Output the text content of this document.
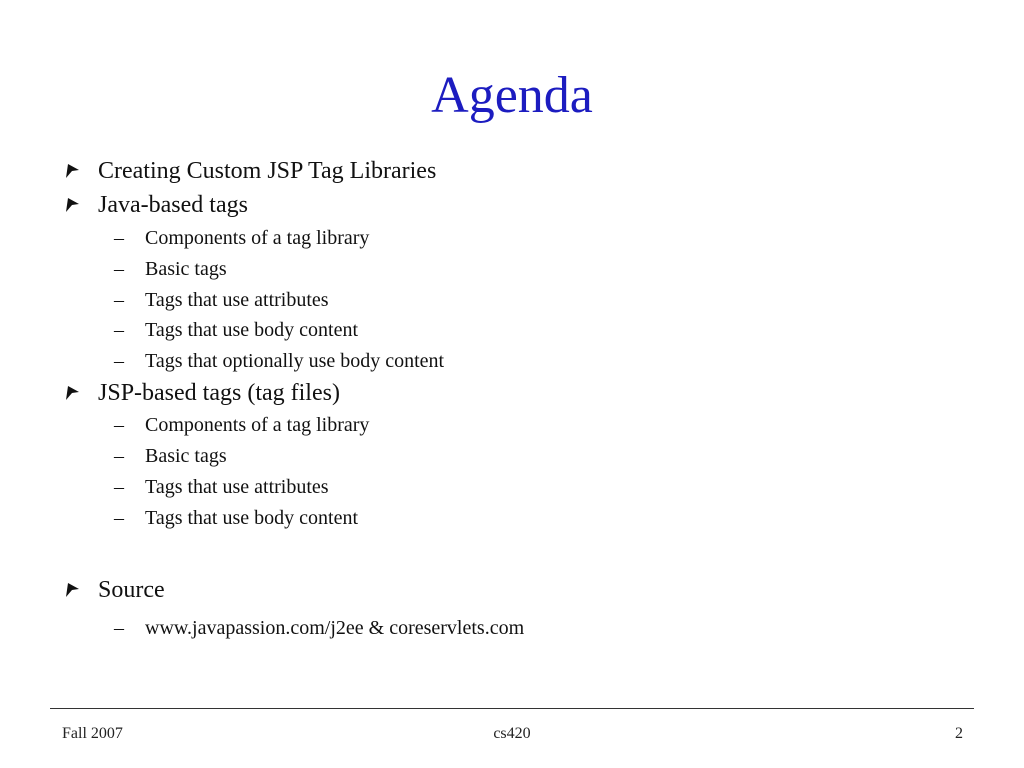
Agenda
Creating Custom JSP Tag Libraries
Java-based tags
– Components of a tag library
– Basic tags
– Tags that use attributes
– Tags that use body content
– Tags that optionally use body content
JSP-based tags (tag files)
– Components of a tag library
– Basic tags
– Tags that use attributes
– Tags that use body content
Source
– www.javapassion.com/j2ee & coreservlets.com
Fall 2007	cs420	2
